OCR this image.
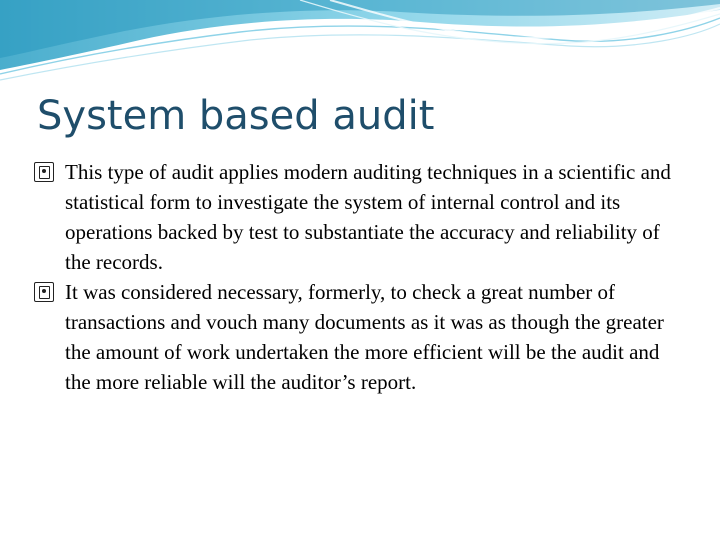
System based audit
This type of audit applies modern auditing techniques in a scientific and statistical form to investigate the system of internal control and its operations backed by test to substantiate the accuracy and reliability of the records.
It was considered necessary, formerly, to check a great number of transactions and vouch many documents as it was as though the greater the amount of work undertaken the more efficient will be the audit and the more reliable will the auditor’s report.
